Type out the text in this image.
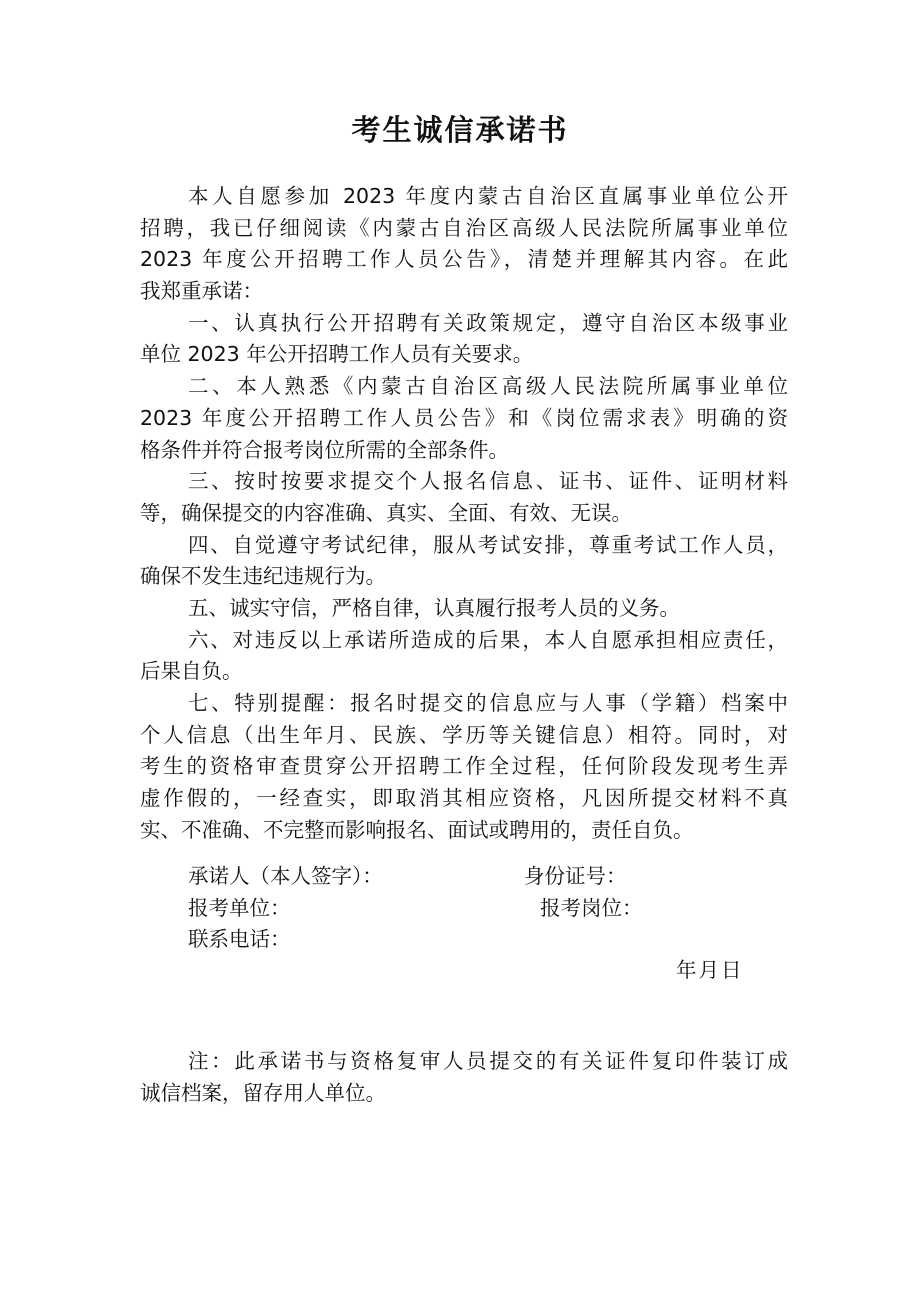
考生诚信承诺书
本人自愿参加 2023 年度内蒙古自治区直属事业单位公开
招聘，我已仔细阅读《内蒙古自治区高级人民法院所属事业单位
2023 年度公开招聘工作人员公告》，清楚并理解其内容。在此
我郑重承诺：
一、认真执行公开招聘有关政策规定，遵守自治区本级事业
单位 2023 年公开招聘工作人员有关要求。
二、本人熟悉《内蒙古自治区高级人民法院所属事业单位
2023 年度公开招聘工作人员公告》和《岗位需求表》明确的资
格条件并符合报考岗位所需的全部条件。
三、按时按要求提交个人报名信息、证书、证件、证明材料
等，确保提交的内容准确、真实、全面、有效、无误。
四、自觉遵守考试纪律，服从考试安排，尊重考试工作人员，
确保不发生违纪违规行为。
五、诚实守信，严格自律，认真履行报考人员的义务。
六、对违反以上承诺所造成的后果，本人自愿承担相应责任，
后果自负。
七、特别提醒：报名时提交的信息应与人事（学籍）档案中
个人信息（出生年月、民族、学历等关键信息）相符。同时，对
考生的资格审查贯穿公开招聘工作全过程，任何阶段发现考生弄
虚作假的，一经查实，即取消其相应资格，凡因所提交材料不真
实、不准确、不完整而影响报名、面试或聘用的，责任自负。
承诺人（本人签字）：	身份证号：
报考单位：	报考岗位：
联系电话：
年月日
注：此承诺书与资格复审人员提交的有关证件复印件装订成
诚信档案，留存用人单位。
